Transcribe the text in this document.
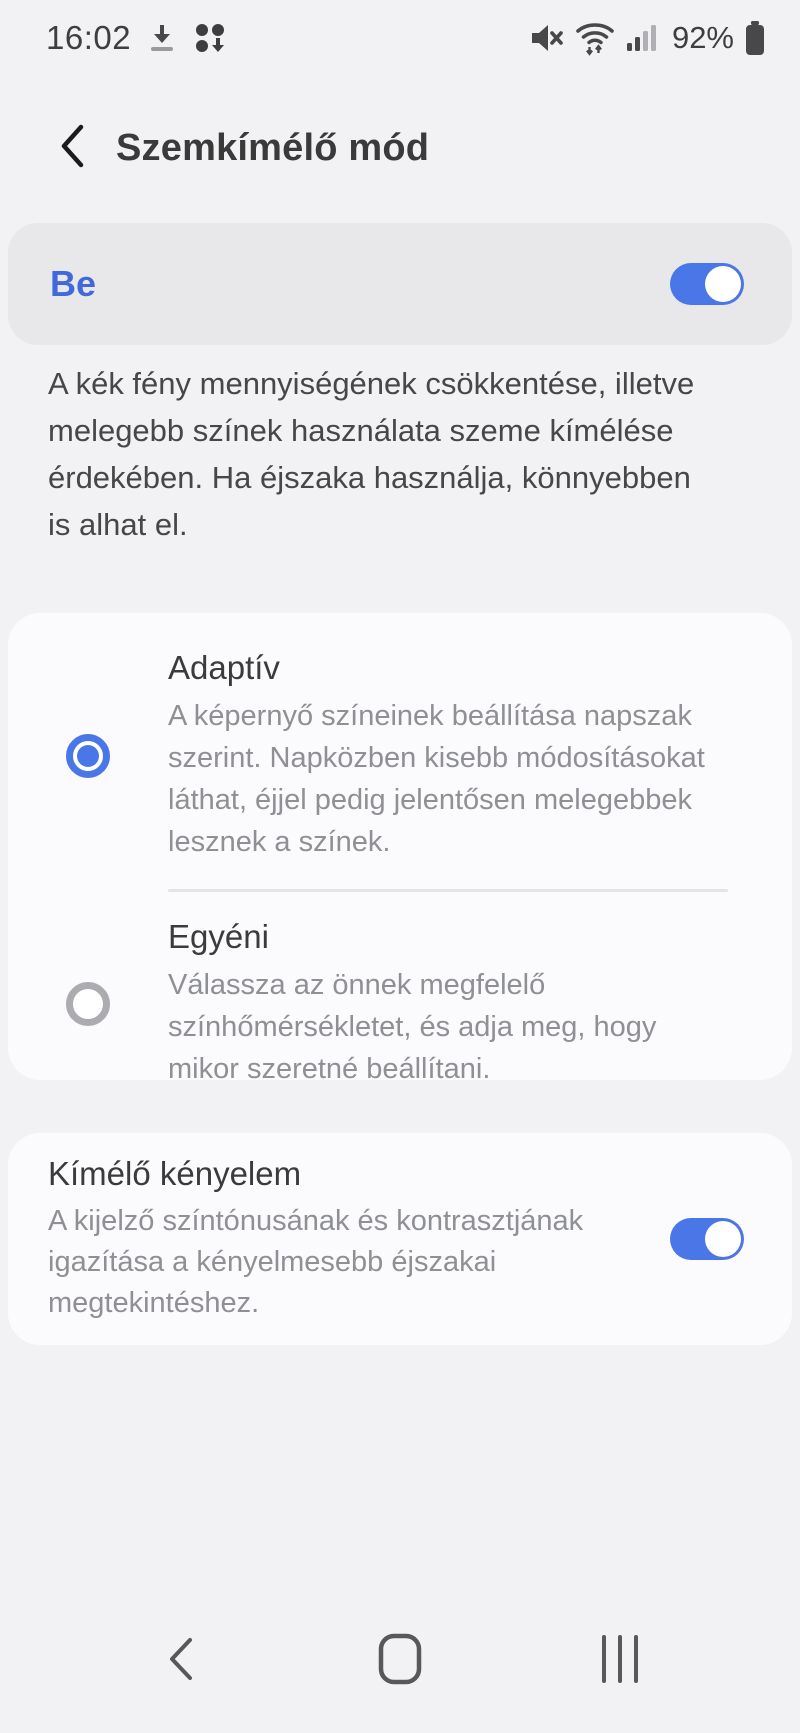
16:02	92%
Szemkímélő mód
Be

A kék fény mennyiségének csökkentése, illetve melegebb színek használata szeme kímélése érdekében. Ha éjszaka használja, könnyebben is alhat el.

Adaptív
A képernyő színeinek beállítása napszak szerint. Napközben kisebb módosításokat láthat, éjjel pedig jelentősen melegebbek lesznek a színek.
Egyéni
Válassza az önnek megfelelő színhőmérsékletet, és adja meg, hogy mikor szeretné beállítani.
Kímélő kényelem
A kijelző színtónusának és kontrasztjának igazítása a kényelmesebb éjszakai megtekintéshez.
